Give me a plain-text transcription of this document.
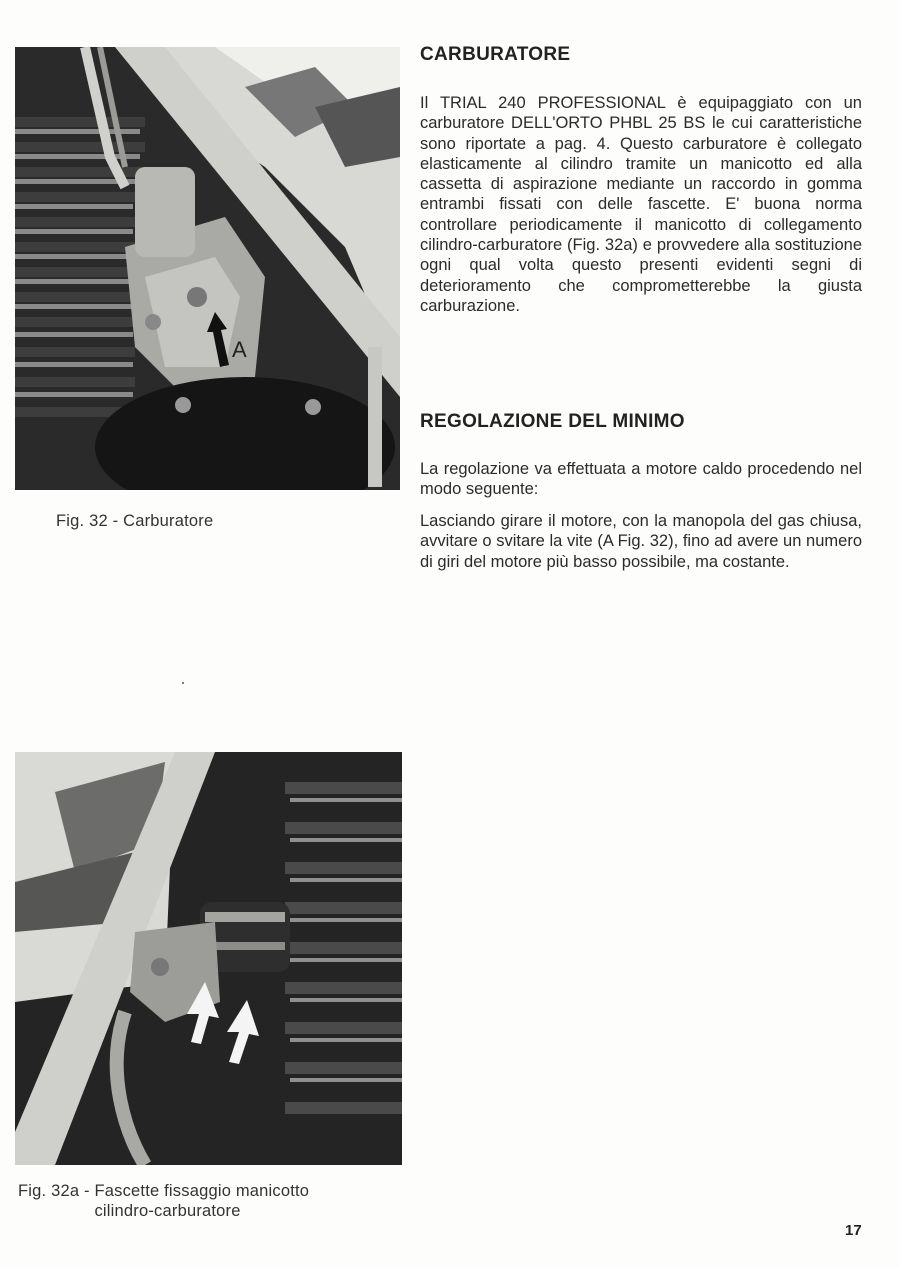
A
Fig. 32 - Carburatore
Fig. 32a - Fascette fissaggio manicotto
cilindro-carburatore
CARBURATORE
Il TRIAL 240 PROFESSIONAL è equipaggiato con un carburatore DELL'ORTO PHBL 25 BS le cui caratteristiche sono riportate a pag. 4. Questo carburatore è collegato elasticamente al cilindro tramite un manicotto ed alla cassetta di aspirazione mediante un raccordo in gomma entrambi fissati con delle fascette. E' buona norma controllare periodicamente il manicotto di collegamento cilindro-carburatore (Fig. 32a) e provvedere alla sostituzione ogni qual volta questo presenti evidenti segni di deterioramento che comprometterebbe la giusta carburazione.
REGOLAZIONE DEL MINIMO
La regolazione va effettuata a motore caldo procedendo nel modo seguente:
Lasciando girare il motore, con la manopola del gas chiusa, avvitare o svitare la vite (A Fig. 32), fino ad avere un numero di giri del motore più basso possibile, ma costante.
17
